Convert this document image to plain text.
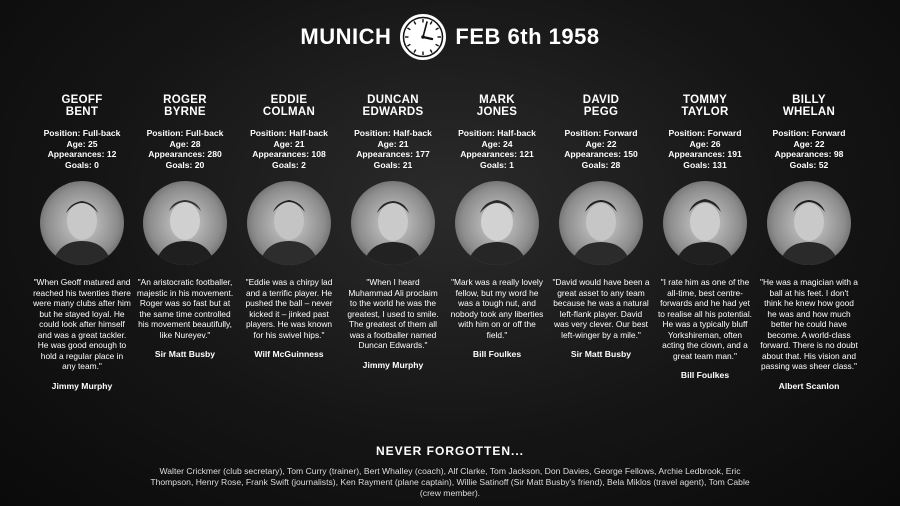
MUNICH	FEB 6th 1958
GEOFF
BENT
Position: Full-back
Age: 25
Appearances: 12
Goals: 0
"When Geoff matured and reached his twenties there were many clubs after him but he stayed loyal. He could look after himself and was a great tackler. He was good enough to hold a regular place in any team."
Jimmy Murphy
ROGER
BYRNE
Position: Full-back
Age: 28
Appearances: 280
Goals: 20
"An aristocratic footballer, majestic in his movement. Roger was so fast but at the same time controlled his movement beautifully, like Nureyev."
Sir Matt Busby
EDDIE
COLMAN
Position: Half-back
Age: 21
Appearances: 108
Goals: 2
"Eddie was a chirpy lad and a terrific player. He pushed the ball – never kicked it – jinked past players. He was known for his swivel hips."
Wilf McGuinness
DUNCAN
EDWARDS
Position: Half-back
Age: 21
Appearances: 177
Goals: 21
"When I heard Muhammad Ali proclaim to the world he was the greatest, I used to smile. The greatest of them all was a footballer named Duncan Edwards."
Jimmy Murphy
MARK
JONES
Position: Half-back
Age: 24
Appearances: 121
Goals: 1
"Mark was a really lovely fellow, but my word he was a tough nut, and nobody took any liberties with him on or off the field."
Bill Foulkes
DAVID
PEGG
Position: Forward
Age: 22
Appearances: 150
Goals: 28
"David would have been a great asset to any team because he was a natural left-flank player. David was very clever. Our best left-winger by a mile."
Sir Matt Busby
TOMMY
TAYLOR
Position: Forward
Age: 26
Appearances: 191
Goals: 131
"I rate him as one of the all-time, best centre-forwards and he had yet to realise all his potential. He was a typically bluff Yorkshireman, often acting the clown, and a great team man."
Bill Foulkes
BILLY
WHELAN
Position: Forward
Age: 22
Appearances: 98
Goals: 52
"He was a magician with a ball at his feet. I don't think he knew how good he was and how much better he could have become. A world-class forward. There is no doubt about that. His vision and passing was sheer class."
Albert Scanlon
NEVER FORGOTTEN...
Walter Crickmer (club secretary), Tom Curry (trainer), Bert Whalley (coach), Alf Clarke, Tom Jackson, Don Davies, George Fellows, Archie Ledbrook, Eric Thompson, Henry Rose, Frank Swift (journalists), Ken Rayment (plane captain), Willie Satinoff (Sir Matt Busby's friend), Bela Miklos (travel agent), Tom Cable (crew member).
